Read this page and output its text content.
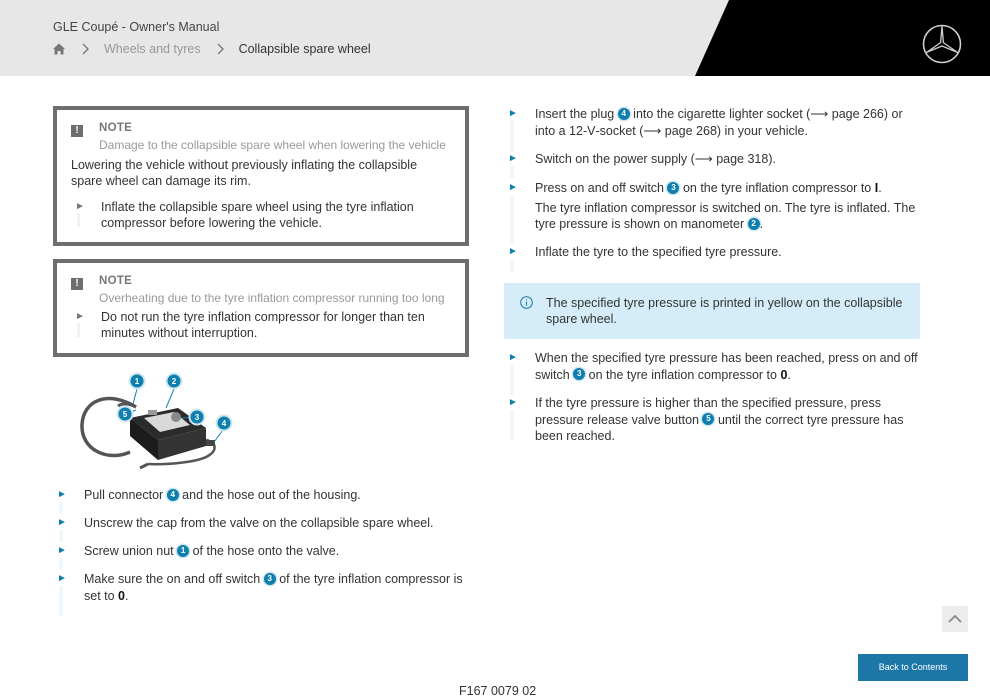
GLE Coupé - Owner's Manual
Wheels and tyres	Collapsible spare wheel
!	NOTE
Damage to the collapsible spare wheel when lowering the vehicle
Lowering the vehicle without previously inflating the collapsible spare wheel can damage its rim.
► Inflate the collapsible spare wheel using the tyre inflation compressor before lowering the vehicle.
!	NOTE
Overheating due to the tyre inflation compressor running too long
► Do not run the tyre inflation compressor for longer than ten minutes without interruption.
1	2
3
4
5
► Pull connector 4 and the hose out of the housing.
► Unscrew the cap from the valve on the collapsible spare wheel.
► Screw union nut 1 of the hose onto the valve.
► Make sure the on and off switch 3 of the tyre inflation compressor is set to 0.
► Insert the plug 4 into the cigarette lighter socket (⟶ page 266) or into a 12‑V‑socket (⟶ page 268) in your vehicle.
► Switch on the power supply (⟶ page 318).
► Press on and off switch 3 on the tyre inflation compressor to I.

The tyre inflation compressor is switched on. The tyre is inflated. The tyre pressure is shown on manometer 2 .

► Inflate the tyre to the specified tyre pressure.
The specified tyre pressure is printed in yellow on the collapsible spare wheel.
► When the specified tyre pressure has been reached, press on and off switch 3 on the tyre inflation compressor to 0.
► If the tyre pressure is higher than the specified pressure, press pressure release valve button 5 until the correct tyre pressure has been reached.
F167 0079 02
Back to Contents
